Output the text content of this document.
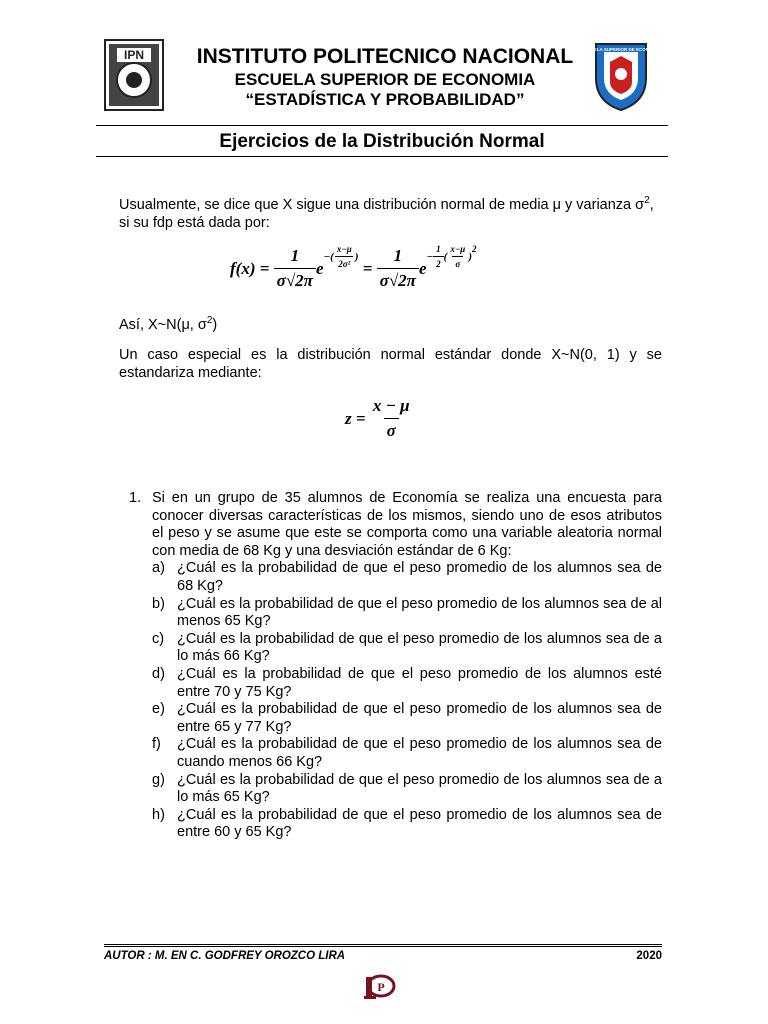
IPN	INSTITUTO POLITECNICO NACIONAL
ESCUELA SUPERIOR DE ECONOMIA
“ESTADÍSTICA Y PROBABILIDAD”
ESCUELA SUPERIOR DE ECONOMIA
Ejercicios de la Distribución Normal
Usualmente, se dice que X sigue una distribución normal de media μ y varianza $\sigma^2$,
si su fdp está dada por:
f(x) =
$\frac{1}{\sigma√2\pi}$ e
− ( $\frac{x-\mu}{\text{2σ²}}$ )

=
$\frac{1}{\sigma√2\pi}$ e
− $\frac{1}{2}$ ( $\frac{x-\mu}{\sigma}$ )
$^2$
Así, X~N(μ, $\sigma^2$)
Un caso especial es la distribución normal estándar donde X~N(0, 1) y se estandariza mediante:
z =
$\frac{x - \mu}{\sigma}$
1. Si en un grupo de 35 alumnos de Economía se realiza una encuesta para conocer diversas características de los mismos, siendo uno de esos atributos el peso y se asume que este se comporta como una variable aleatoria normal con media de 68 Kg y una desviación estándar de 6 Kg:
a) ¿Cuál es la probabilidad de que el peso promedio de los alumnos sea de 68 Kg?
b) ¿Cuál es la probabilidad de que el peso promedio de los alumnos sea de al menos 65 Kg?
c) ¿Cuál es la probabilidad de que el peso promedio de los alumnos sea de a lo más 66 Kg?
d) ¿Cuál es la probabilidad de que el peso promedio de los alumnos esté entre 70 y 75 Kg?
e) ¿Cuál es la probabilidad de que el peso promedio de los alumnos sea de entre 65 y 77 Kg?
f)	¿Cuál es la probabilidad de que el peso promedio de los alumnos sea de cuando menos 66 Kg?
g) ¿Cuál es la probabilidad de que el peso promedio de los alumnos sea de a lo más 65 Kg?
h) ¿Cuál es la probabilidad de que el peso promedio de los alumnos sea de entre 60 y 65 Kg?
AUTOR : M. EN C. GODFREY OROZCO LIRA	2020
P
